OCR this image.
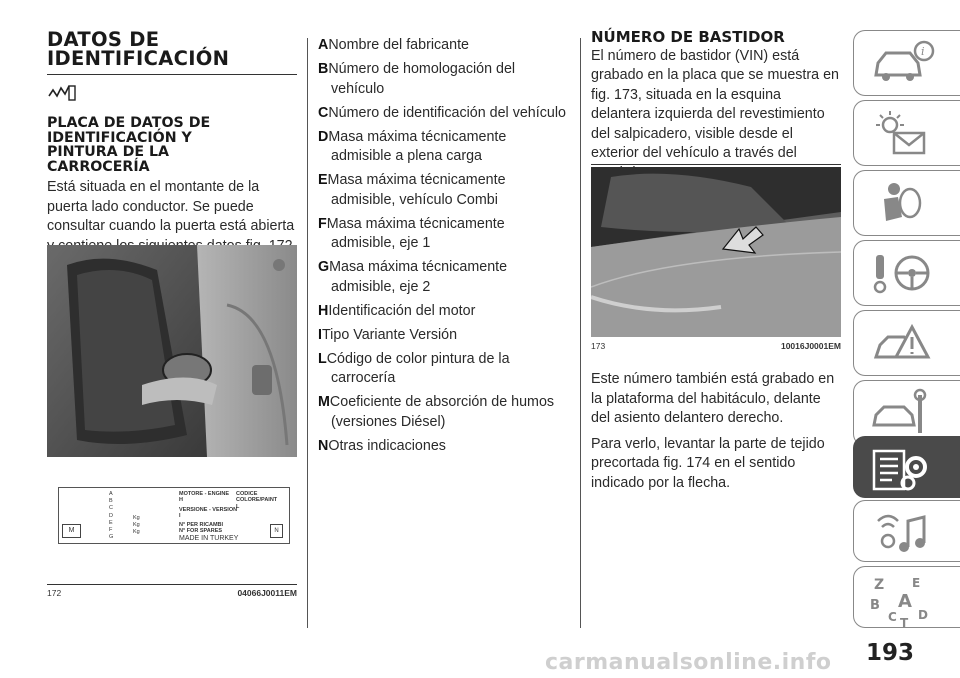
DATOS DE
IDENTIFICACIÓN
PLACA DE DATOS DE
IDENTIFICACIÓN Y
PINTURA DE LA
CARROCERÍA

Está situada en el montante de la puerta lado conductor. Se puede consultar cuando la puerta está abierta

M	N
A
B
C
D
E
F
G
Kg
Kg
Kg
MOTORE - ENGINE
H
VERSIONE - VERSION
I
N° PER RICAMBI
N° FOR SPARES
MADE IN TURKEY
CODICE COLORE/PAINT
L
172	04066J0011EM
ANombre del fabricante
BNúmero de homologación del vehículo
CNúmero de identificación del vehículo
DMasa máxima técnicamente admisible a plena carga
EMasa máxima técnicamente admisible, vehículo Combi
FMasa máxima técnicamente admisible, eje 1
GMasa máxima técnicamente admisible, eje 2
HIdentificación del motor
ITipo Variante Versión
LCódigo de color pintura de la carrocería
MCoeficiente de absorción de humos (versiones Diésel)
NOtras indicaciones
NÚMERO DE BASTIDOR

El número de bastidor (VIN) está grabado en la placa que se muestra en fig. 173, situada en la esquina delantera izquierda del revestimiento del salpicadero, visible desde el exterior del vehículo a través del

173	10016J0001EM

Este número también está grabado en la plataforma del habitáculo, delante del asiento delantero derecho.

Para verlo, levantar la parte de tejido precortada fig. 174 en el sentido indicado por la flecha.

i
Z E
B A
C T
D
193
carmanualsonline.info
